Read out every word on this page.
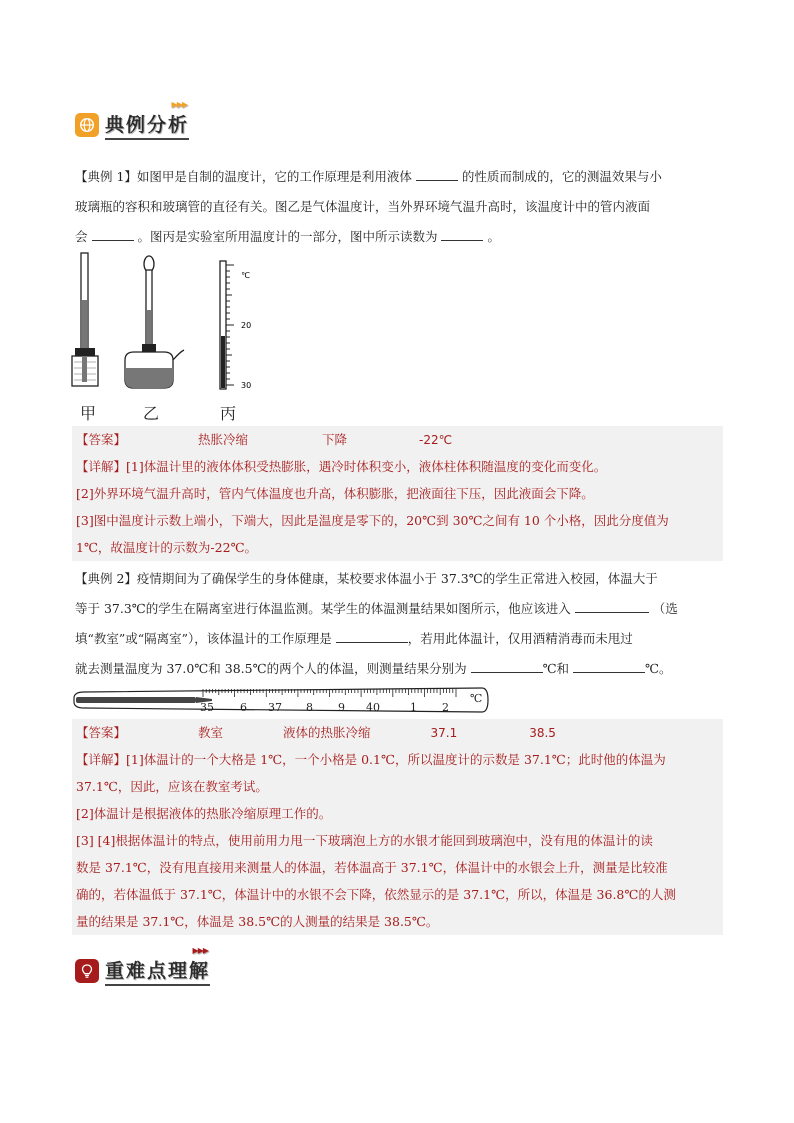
典例分析
▶▶▶
【典例 1】如图甲是自制的温度计，它的工作原理是利用液体	的性质而制成的，它的测温效果与小
玻璃瓶的容积和玻璃管的直径有关。图乙是气体温度计，当外界环境气温升高时，该温度计中的管内液面
会	。图丙是实验室所用温度计的一部分，图中所示读数为	。
℃
20
30
甲	乙	丙
【答案】	热胀冷缩	下降	-22℃
【详解】[1]体温计里的液体体积受热膨胀，遇冷时体积变小，液体柱体积随温度的变化而变化。
[2]外界环境气温升高时，管内气体温度也升高，体积膨胀，把液面往下压，因此液面会下降。
[3]图中温度计示数上端小，下端大，因此是温度是零下的，20℃到 30℃之间有 10 个小格，因此分度值为
1℃，故温度计的示数为-22℃。
【典例 2】疫情期间为了确保学生的身体健康，某校要求体温小于 37.3℃的学生正常进入校园，体温大于
等于 37.3℃的学生在隔离室进行体温监测。某学生的体温测量结果如图所示，他应该进入	（选
填“教室”或“隔离室”），该体温计的工作原理是	，若用此体温计，仅用酒精消毒而未甩过
就去测量温度为 37.0℃和 38.5℃的两个人的体温，则测量结果分别为	℃和	℃。
35 6 37 8 9 40	1 2
℃
【答案】	教室	液体的热胀冷缩	37.1	38.5
【详解】[1]体温计的一个大格是 1℃，一个小格是 0.1℃，所以温度计的示数是 37.1℃；此时他的体温为
37.1℃，因此，应该在教室考试。
[2]体温计是根据液体的热胀冷缩原理工作的。
[3] [4]根据体温计的特点，使用前用力甩一下玻璃泡上方的水银才能回到玻璃泡中，没有甩的体温计的读
数是 37.1℃，没有甩直接用来测量人的体温，若体温高于 37.1℃，体温计中的水银会上升，测量是比较准
确的，若体温低于 37.1℃，体温计中的水银不会下降，依然显示的是 37.1℃，所以，体温是 36.8℃的人测
量的结果是 37.1℃，体温是 38.5℃的人测量的结果是 38.5℃。
重难点理解
▶▶▶
